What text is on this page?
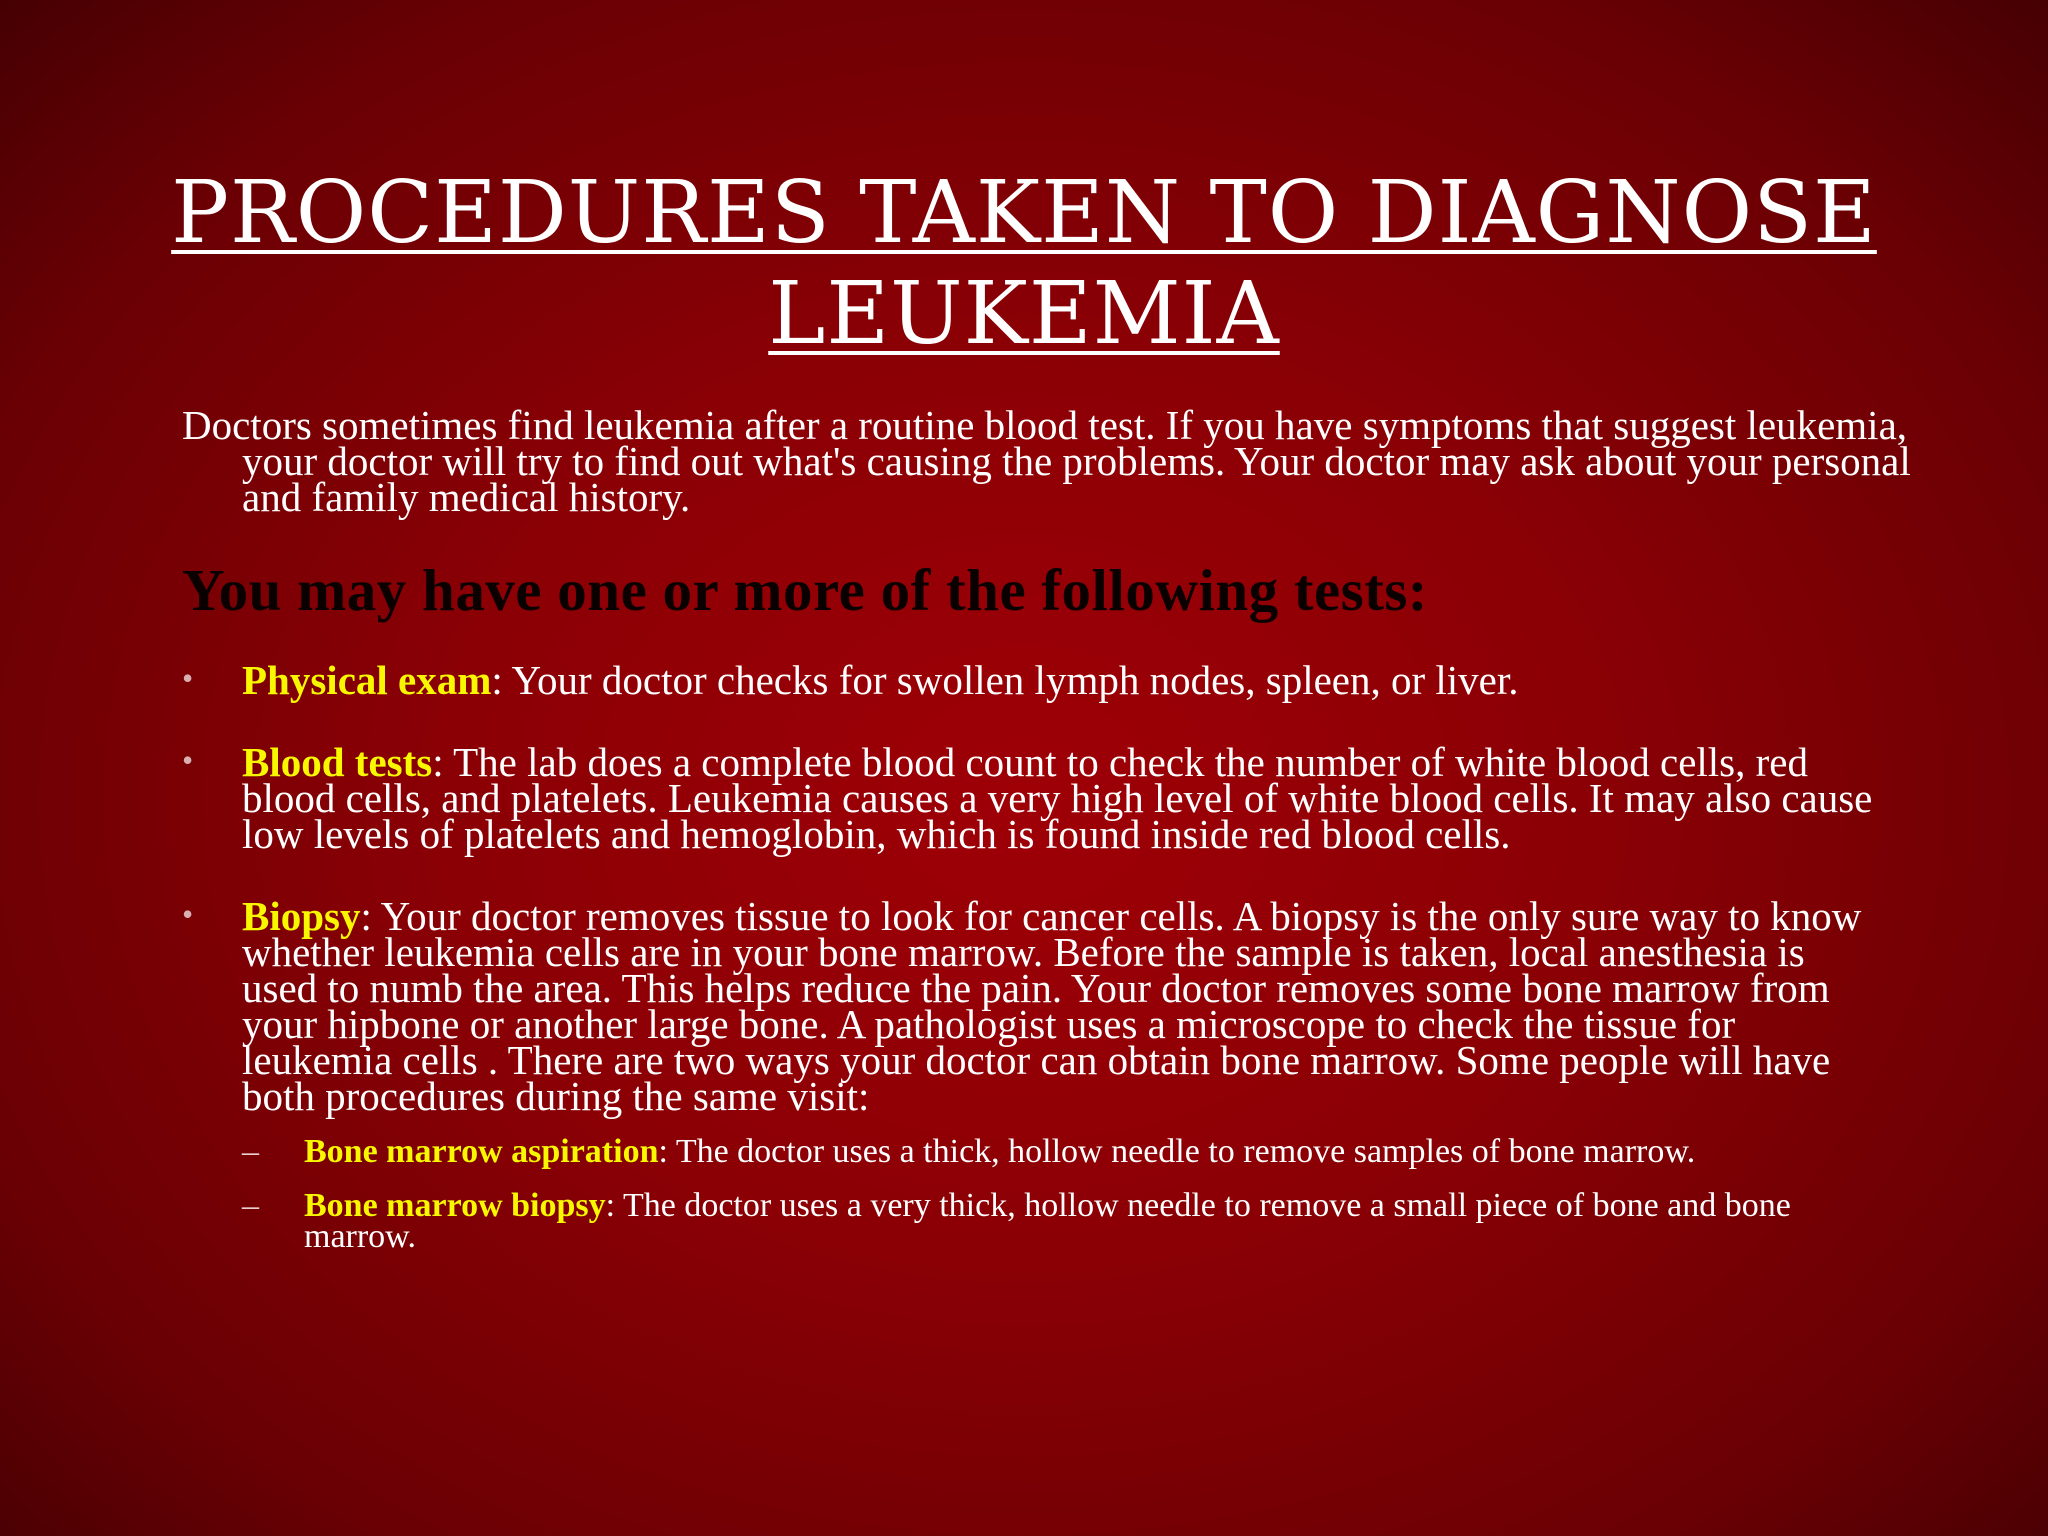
PROCEDURES TAKEN TO DIAGNOSE
LEUKEMIA
Doctors sometimes find leukemia after a routine blood test. If you have symptoms that suggest leukemia, your doctor will try to find out what's causing the problems. Your doctor may ask about your personal and family medical history.
You may have one or more of the following tests:
• Physical exam: Your doctor checks for swollen lymph nodes, spleen, or liver.
• Blood tests: The lab does a complete blood count to check the number of white blood cells, red blood cells, and platelets. Leukemia causes a very high level of white blood cells. It may also cause low levels of platelets and hemoglobin, which is found inside red blood cells.
• Biopsy: Your doctor removes tissue to look for cancer cells. A biopsy is the only sure way to know whether leukemia cells are in your bone marrow. Before the sample is taken, local anesthesia is used to numb the area. This helps reduce the pain. Your doctor removes some bone marrow from your hipbone or another large bone. A pathologist uses a microscope to check the tissue for leukemia cells . There are two ways your doctor can obtain bone marrow. Some people will have both procedures during the same visit:
– Bone marrow aspiration: The doctor uses a thick, hollow needle to remove samples of bone marrow.
– Bone marrow biopsy: The doctor uses a very thick, hollow needle to remove a small piece of bone and bone marrow.
